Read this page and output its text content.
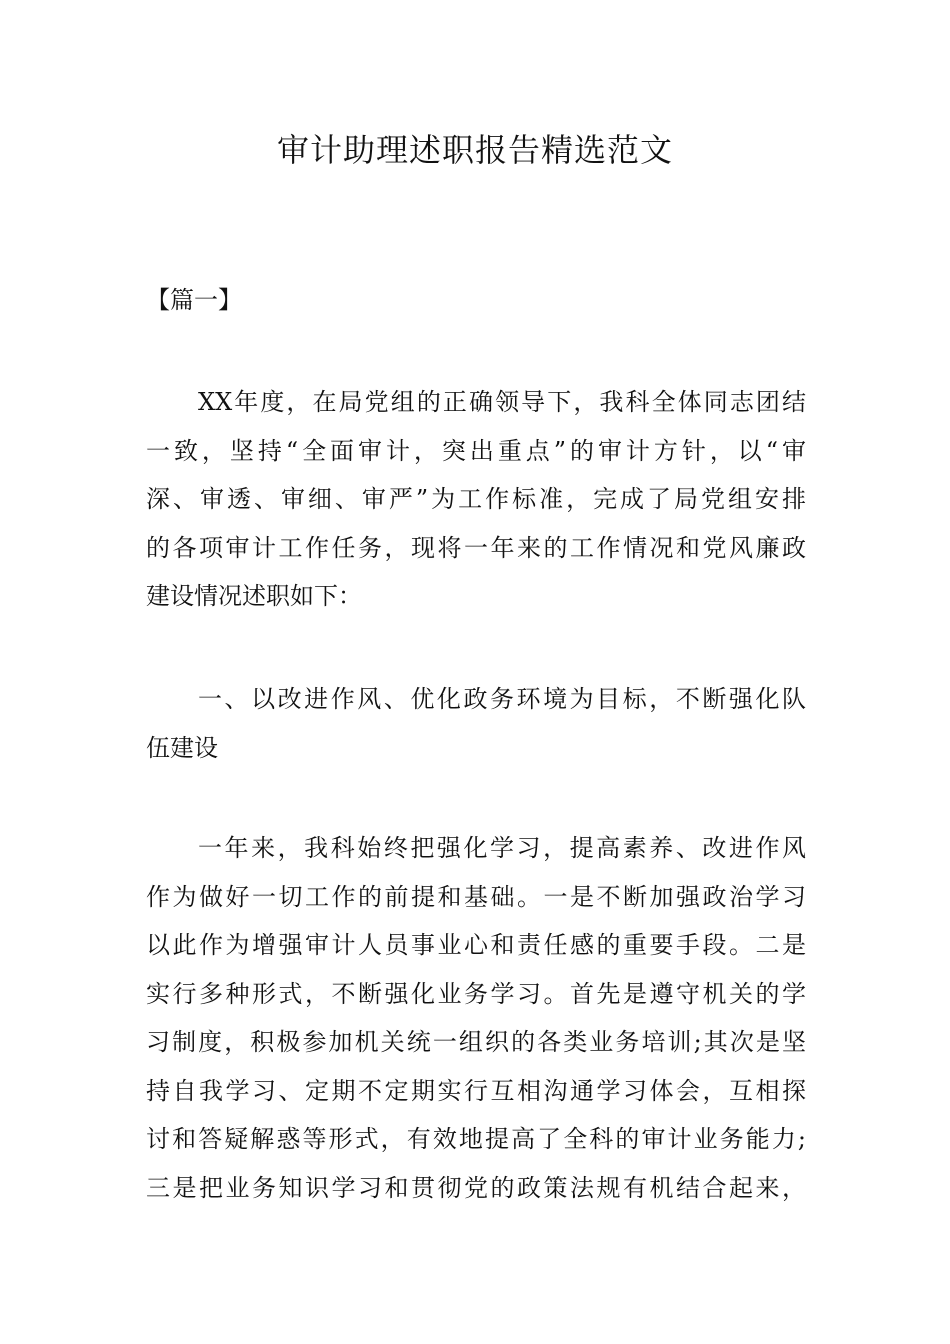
审计助理述职报告精选范文
【篇一】
XX年度，在局党组的正确领导下，我科全体同志团结
一致，坚持“全面审计，突出重点”的审计方针，以“审
深、审透、审细、审严”为工作标准，完成了局党组安排
的各项审计工作任务，现将一年来的工作情况和党风廉政
建设情况述职如下：
一、以改进作风、优化政务环境为目标，不断强化队
伍建设
一年来，我科始终把强化学习，提高素养、改进作风
作为做好一切工作的前提和基础。一是不断加强政治学习
以此作为增强审计人员事业心和责任感的重要手段。二是
实行多种形式，不断强化业务学习。首先是遵守机关的学
习制度，积极参加机关统一组织的各类业务培训;其次是坚
持自我学习、定期不定期实行互相沟通学习体会，互相探
讨和答疑解惑等形式，有效地提高了全科的审计业务能力;
三是把业务知识学习和贯彻党的政策法规有机结合起来，
